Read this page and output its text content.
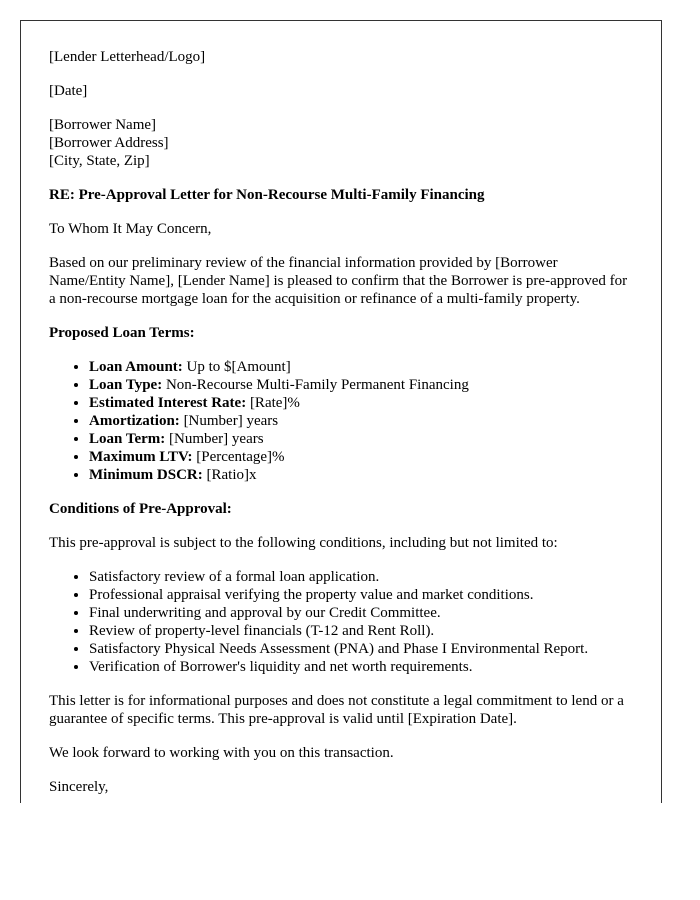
[Lender Letterhead/Logo]

[Date]

[Borrower Name]

[Borrower Address]

[City, State, Zip]

RE: Pre-Approval Letter for Non-Recourse Multi-Family Financing

To Whom It May Concern,

Based on our preliminary review of the financial information provided by [Borrower Name/Entity Name], [Lender Name] is pleased to confirm that the Borrower is pre-approved for a non-recourse mortgage loan for the acquisition or refinance of a multi-family property.

Proposed Loan Terms:

• Loan Amount: Up to $[Amount]
• Loan Type: Non-Recourse Multi-Family Permanent Financing
• Estimated Interest Rate: [Rate]%
• Amortization: [Number] years
• Loan Term: [Number] years
• Maximum LTV: [Percentage]%
• Minimum DSCR: [Ratio]x

Conditions of Pre-Approval:

This pre-approval is subject to the following conditions, including but not limited to:

• Satisfactory review of a formal loan application.
• Professional appraisal verifying the property value and market conditions.
• Final underwriting and approval by our Credit Committee.
• Review of property-level financials (T-12 and Rent Roll).
• Satisfactory Physical Needs Assessment (PNA) and Phase I Environmental Report.
• Verification of Borrower's liquidity and net worth requirements.

This letter is for informational purposes and does not constitute a legal commitment to lend or a guarantee of specific terms. This pre-approval is valid until [Expiration Date].

We look forward to working with you on this transaction.

Sincerely,
